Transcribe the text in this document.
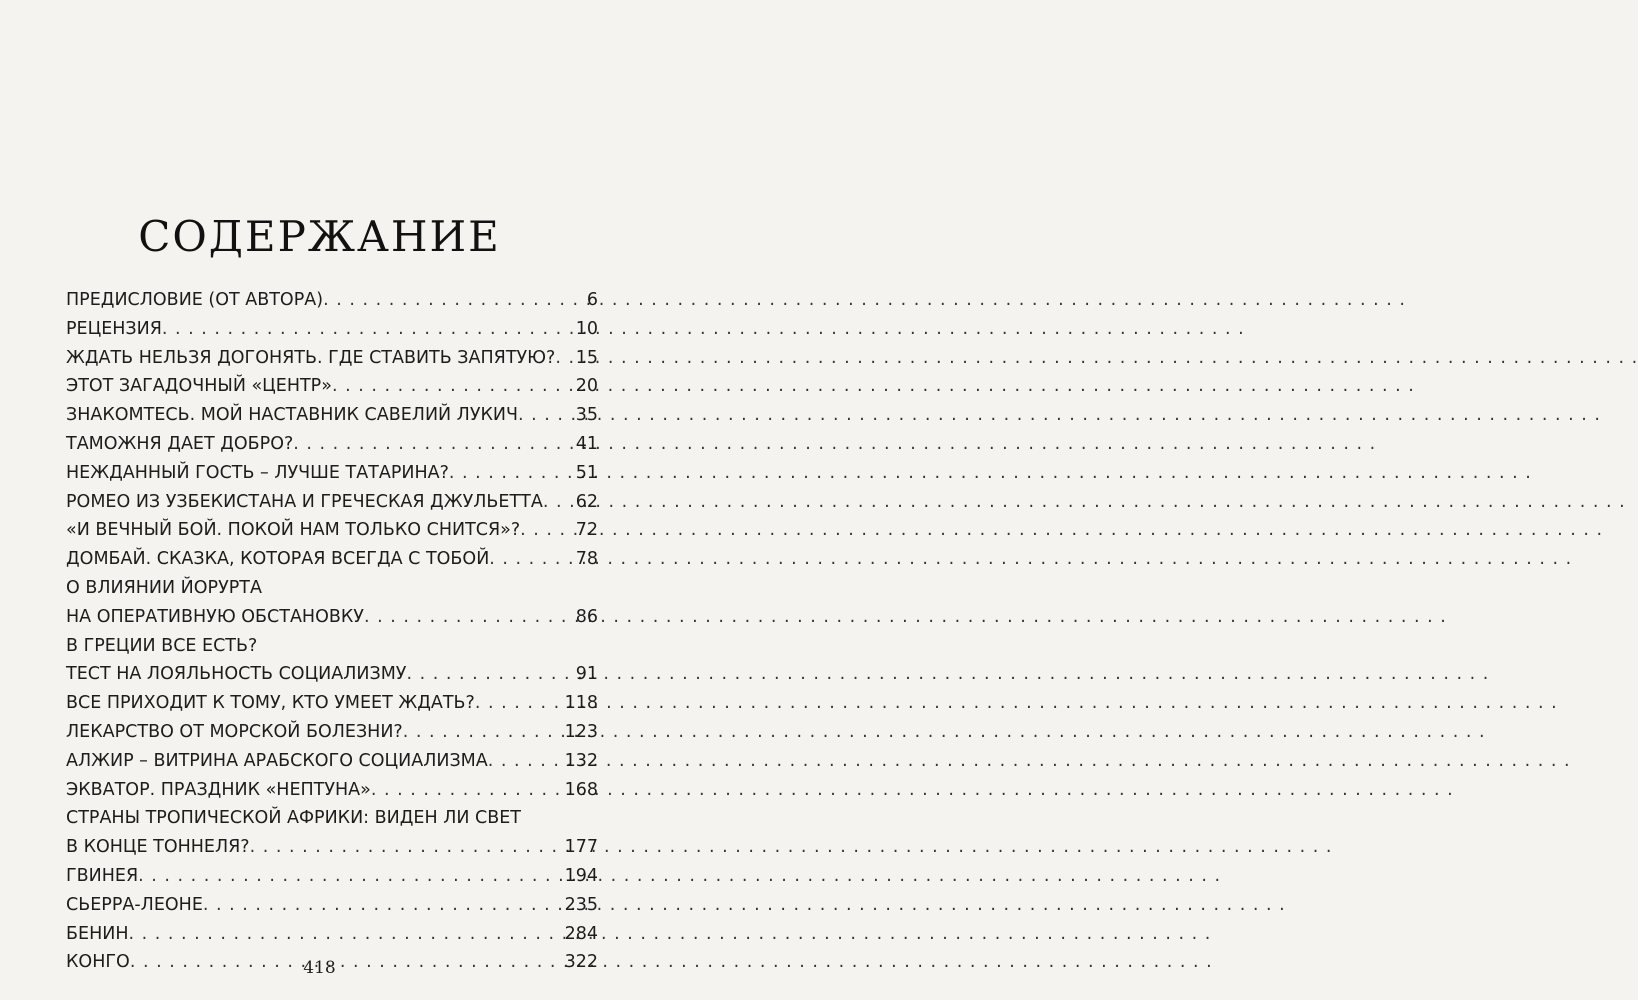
СОДЕРЖАНИЕ
ПРЕДИСЛОВИЕ (ОТ АВТОРА) . . .	6
РЕЦЕНЗИЯ . . .	10
ЖДАТЬ НЕЛЬЗЯ ДОГОНЯТЬ. ГДЕ СТАВИТЬ ЗАПЯТУЮ? . . . 15
ЭТОТ ЗАГАДОЧНЫЙ «ЦЕНТР» . . .	20
ЗНАКОМТЕСЬ. МОЙ НАСТАВНИК САВЕЛИЙ ЛУКИЧ . . .	35
ТАМОЖНЯ ДАЕТ ДОБРО? . . .	41
НЕЖДАННЫЙ ГОСТЬ – ЛУЧШЕ ТАТАРИНА? . . .	51
РОМЕО ИЗ УЗБЕКИСТАНА И ГРЕЧЕСКАЯ ДЖУЛЬЕТТА . . . 62
«И ВЕЧНЫЙ БОЙ. ПОКОЙ НАМ ТОЛЬКО СНИТСЯ»? . . .	72
ДОМБАЙ. СКАЗКА, КОТОРАЯ ВСЕГДА С ТОБОЙ . . .	78
О ВЛИЯНИИ ЙОРУРТА
НА ОПЕРАТИВНУЮ ОБСТАНОВКУ . . .	86
В ГРЕЦИИ ВСЕ ЕСТЬ?
ТЕСТ НА ЛОЯЛЬНОСТЬ СОЦИАЛИЗМУ . . .	91
ВСЕ ПРИХОДИТ К ТОМУ, КТО УМЕЕТ ЖДАТЬ? . . .	118
ЛЕКАРСТВО ОТ МОРСКОЙ БОЛЕЗНИ? . . .	123
АЛЖИР – ВИТРИНА АРАБСКОГО СОЦИАЛИЗМА . . .	132
ЭКВАТОР. ПРАЗДНИК «НЕПТУНА» . . .	168
СТРАНЫ ТРОПИЧЕСКОЙ АФРИКИ: ВИДЕН ЛИ СВЕТ
В КОНЦЕ ТОННЕЛЯ? . . .	177
ГВИНЕЯ . . .	194
СЬЕРРА-ЛЕОНЕ . . .	235
БЕНИН . . .	284
КОНГО . . .	322
418
